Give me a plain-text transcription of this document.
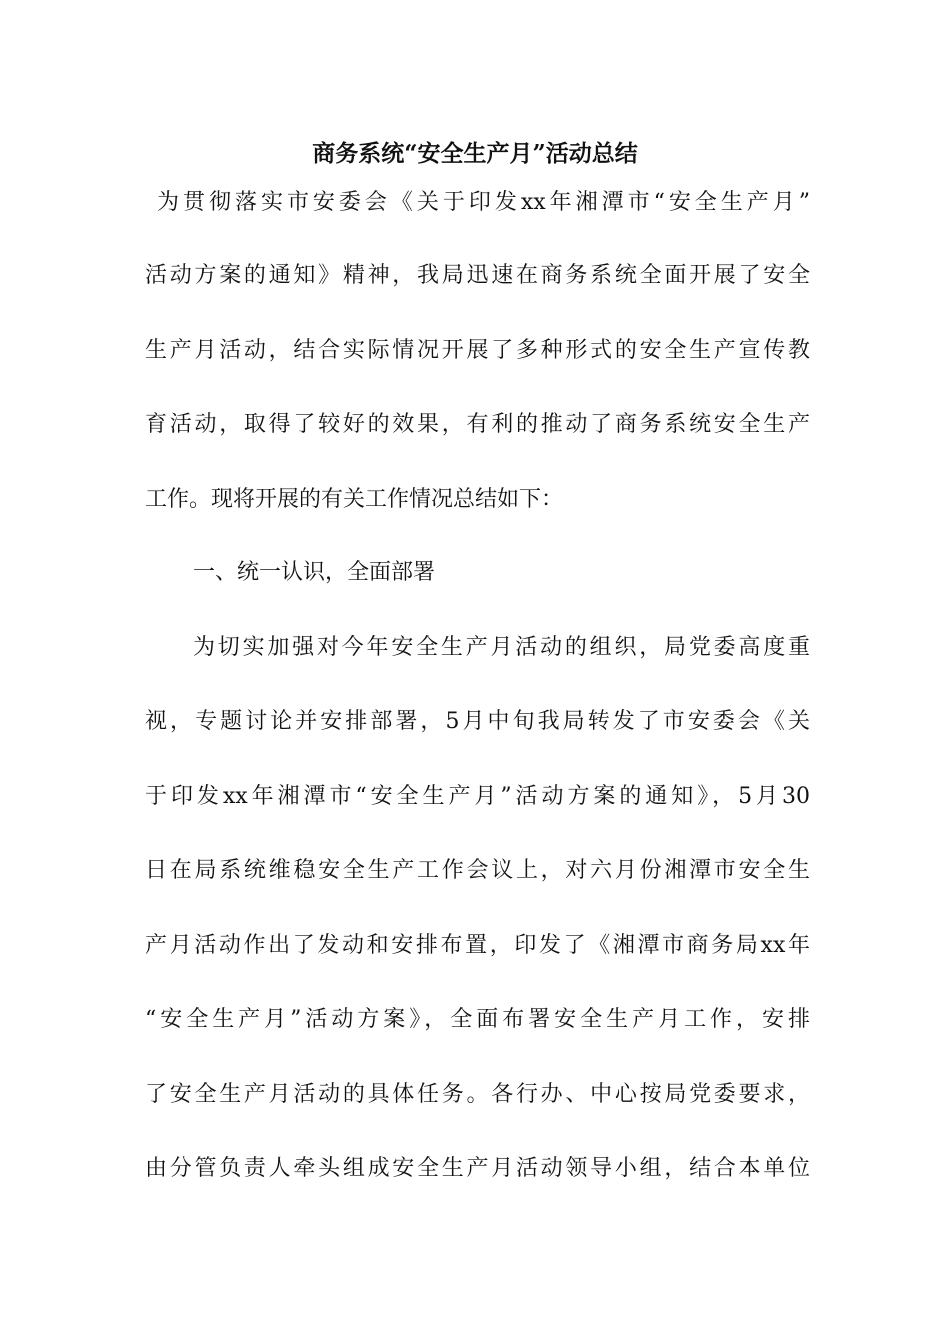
商务系统“安全生产月”活动总结
为贯彻落实市安委会《关于印发xx年湘潭市“安全生产月”
活动方案的通知》精神，我局迅速在商务系统全面开展了安全
生产月活动，结合实际情况开展了多种形式的安全生产宣传教
育活动，取得了较好的效果，有利的推动了商务系统安全生产
工作。现将开展的有关工作情况总结如下：
一、统一认识，全面部署
为切实加强对今年安全生产月活动的组织，局党委高度重
视，专题讨论并安排部署，5月中旬我局转发了市安委会《关
于印发xx年湘潭市“安全生产月”活动方案的通知》，5月30
日在局系统维稳安全生产工作会议上，对六月份湘潭市安全生
产月活动作出了发动和安排布置，印发了《湘潭市商务局xx年
“安全生产月”活动方案》，全面布署安全生产月工作，安排
了安全生产月活动的具体任务。各行办、中心按局党委要求，
由分管负责人牵头组成安全生产月活动领导小组，结合本单位
